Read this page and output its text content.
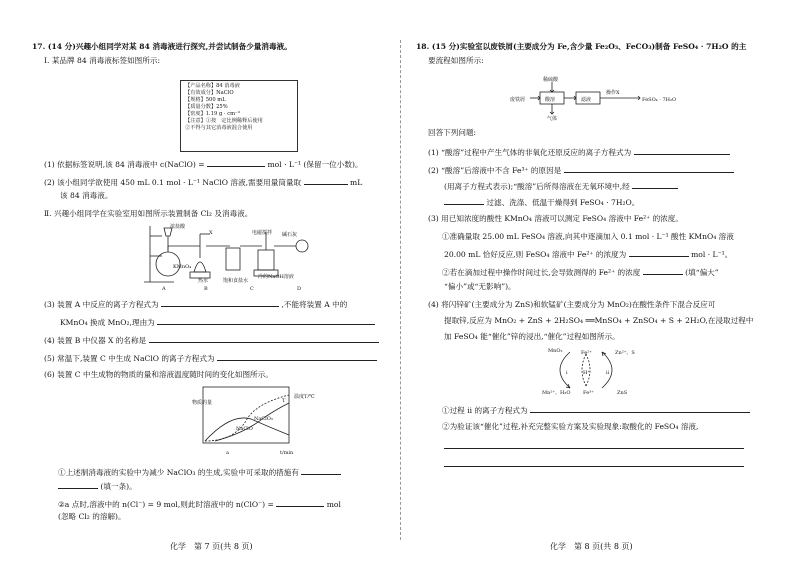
17. (14 分)兴趣小组同学对某 84 消毒液进行探究,并尝试制备少量消毒液。
Ⅰ. 某品牌 84 消毒液标签如图所示:
【产品名称】84 消毒液
【有效成分】NaClO
【规格】500 mL
【质量分数】25%
【密度】1.19 g · cm⁻³
【注意】①按　定比例稀释后使用
②不得与其它消毒液混合使用
(1) 依据标签说明,该 84 消毒液中 c(NaClO) =	mol · L⁻¹ (保留一位小数)。
(2) 该小组同学欲使用 450 mL 0.1 mol · L⁻¹ NaClO 溶液,需要用量筒量取	mL
该 84 消毒液。
Ⅱ. 兴趣小组同学在实验室用如图所示装置制备 Cl₂ 及消毒液。
浓盐酸
X	电磁搅拌 碱石灰
KMnO₄
热水	饱和食盐水
冷的NaOH溶液
A	B	C	D
(3) 装置 A 中反应的离子方程式为	,不能将装置 A 中的
KMnO₄ 换成 MnO₂,理由为
(4) 装置 B 中仪器 X 的名称是
(5) 常温下,装置 C 中生成 NaClO 的离子方程式为
(6) 装置 C 中生成物的物质的量和溶液温度随时间的变化如图所示。
物质的量
温度T/℃
T
NaClO₃
NaClO
a	t/min
①上述制消毒液的实验中为减少 NaClO₃ 的生成,实验中可采取的措施有
(填一条)。
②a 点时,溶液中的 n(Cl⁻) = 9 mol,则此时溶液中的 n(ClO⁻) =	mol
(忽略 Cl₂ 的溶解)。
化学　第 7 页(共 8 页)
18. (15 分)实验室以废铁屑(主要成分为 Fe,含少量 Fe₂O₃、FeCO₃)制备 FeSO₄ · 7H₂O 的主
要流程如图所示:
稀硫酸
废铁屑	酸溶	滤液
操作X
FeSO₄ · 7H₂O
气体
回答下列问题:
(1) “酸溶”过程中产生气体的非氧化还原反应的离子方程式为
(2) “酸溶”后溶液中不含 Fe³⁺ 的原因是
(用离子方程式表示);“酸溶”后所得溶液在无氧环境中,经
过滤、洗涤、低温干燥得到 FeSO₄ · 7H₂O。
(3) 用已知浓度的酸性 KMnO₄ 溶液可以测定 FeSO₄ 溶液中 Fe²⁺ 的浓度。
①准确量取 25.00 mL FeSO₄ 溶液,向其中逐滴加入 0.1 mol · L⁻¹ 酸性 KMnO₄ 溶液
20.00 mL 恰好反应,则 FeSO₄ 溶液中 Fe²⁺ 的浓度为	mol · L⁻¹。
②若在滴加过程中操作时间过长,会导致测得的 Fe²⁺ 的浓度	(填“偏大”
“偏小”或“无影响”)。
(4) 将闪锌矿(主要成分为 ZnS)和软锰矿(主要成分为 MnO₂)在酸性条件下混合反应可
提取锌,反应为 MnO₂ + ZnS + 2H₂SO₄ ══MnSO₄ + ZnSO₄ + S + 2H₂O,在浸取过程中
加 FeSO₄ 能“催化”锌的浸出,“催化”过程如图所示。
MnO₂	Fe²⁺	Zn²⁺、S
i	H⁺	ii
Mn²⁺、H₂O	Fe³⁺	ZnS
①过程 ii 的离子方程式为
②为验证该“催化”过程,补充完整实验方案及实验现象:取酸化的 FeSO₄ 溶液,
化学　第 8 页(共 8 页)
